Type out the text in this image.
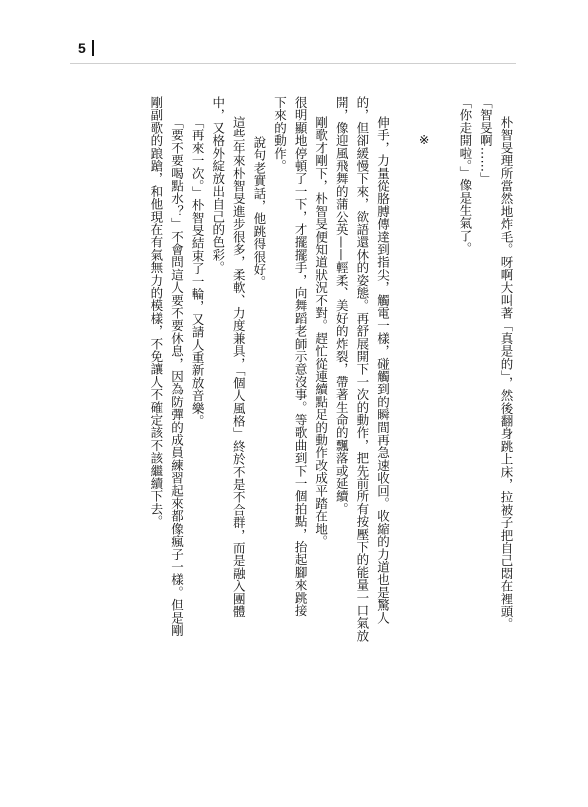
5
朴智旻理所當然地炸毛。呀啊大叫著「真是的」，然後翻身跳上床，拉被子把自己悶在裡頭。
「智旻啊……」
「你走開啦。」像是生氣了。

※

伸手，力量從胳膊傳達到指尖，觸電一樣，碰觸到的瞬間再急速收回。收縮的力道也是驚人
的，但卻緩慢下來，欲語還休的姿態。再舒展開下一次的動作，把先前所有按壓下的能量一口氣放
開，像迎風飛舞的蒲公英——輕柔、美好的炸裂，帶著生命的飄落或延續。
剛歌才剛下，朴智旻便知道狀況不對。趕忙從連續點足的動作改成平踏在地。
很明顯地停頓了一下，才擺擺手，向舞蹈老師示意沒事。等歌曲到下一個拍點，抬起腳來跳接
下來的動作。
說句老實話，他跳得很好。
這些年來朴智旻進步很多，柔軟、力度兼具，「個人風格」終於不是不合群，而是融入團體
中，又格外綻放出自己的色彩。
「再來一次。」朴智旻結束了一輪，又請人重新放音樂。
「要不要喝點水？」不會問這人要不要休息，因為防彈的成員練習起來都像瘋子一樣。但是剛
剛副歌的踉蹌，和他現在有氣無力的模樣，不免讓人不確定該不該繼續下去。
